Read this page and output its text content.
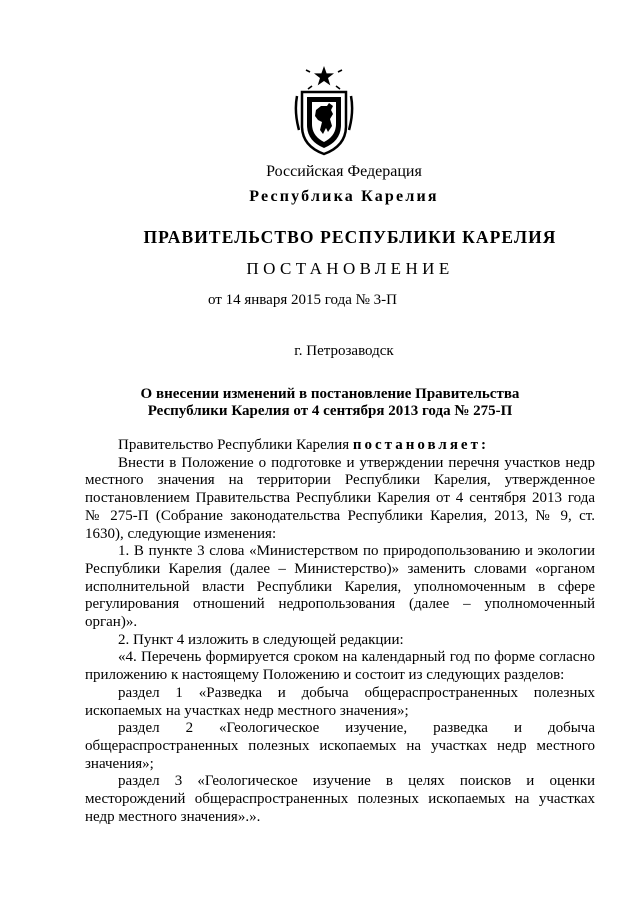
Российская Федерация
Республика Карелия
ПРАВИТЕЛЬСТВО РЕСПУБЛИКИ КАРЕЛИЯ
ПОСТАНОВЛЕНИЕ
от 14 января 2015 года № 3-П
г. Петрозаводск
О внесении изменений в постановление Правительства
Республики Карелия от 4 сентября 2013 года № 275-П

Правительство Республики Карелия постановляет:

Внести в Положение о подготовке и утверждении перечня участков недр местного значения на территории Республики Карелия, утвержденное постановлением Правительства Республики Карелия от 4 сентября 2013 года № 275-П (Собрание законодательства Республики Карелия, 2013, № 9, ст. 1630), следующие изменения:

1. В пункте 3 слова «Министерством по природопользованию и экологии Республики Карелия (далее – Министерство)» заменить словами «органом исполнительной власти Республики Карелия, уполномоченным в сфере регулирования отношений недропользования (далее – уполномоченный орган)».

2. Пункт 4 изложить в следующей редакции:

«4. Перечень формируется сроком на календарный год по форме согласно приложению к настоящему Положению и состоит из следующих разделов:

раздел 1 «Разведка и добыча общераспространенных полезных ископаемых на участках недр местного значения»;

раздел 2 «Геологическое изучение, разведка и добыча общераспространенных полезных ископаемых на участках недр местного значения»;

раздел 3 «Геологическое изучение в целях поисков и оценки месторождений общераспространенных полезных ископаемых на участках недр местного значения».».
